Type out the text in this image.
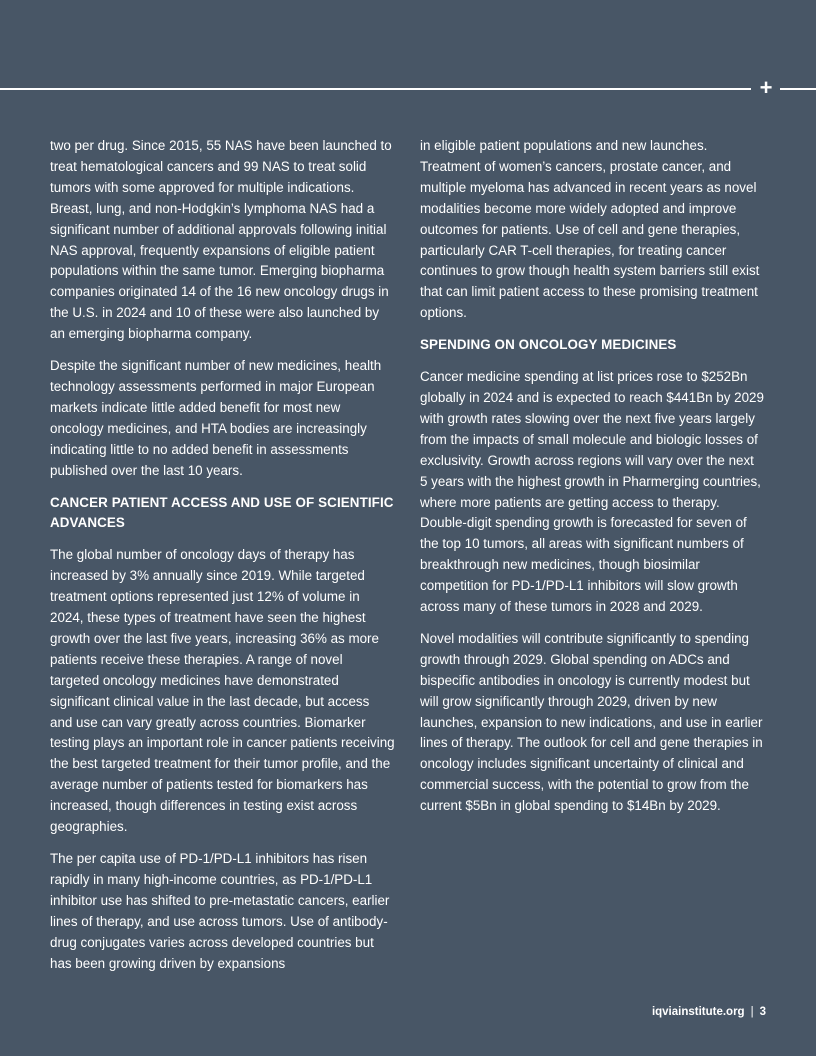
+

two per drug. Since 2015, 55 NAS have been launched to treat hematological cancers and 99 NAS to treat solid tumors with some approved for multiple indications. Breast, lung, and non-Hodgkin’s lymphoma NAS had a significant number of additional approvals following initial NAS approval, frequently expansions of eligible patient populations within the same tumor. Emerging biopharma companies originated 14 of the 16 new oncology drugs in the U.S. in 2024 and 10 of these were also launched by an emerging biopharma company.

Despite the significant number of new medicines, health technology assessments performed in major European markets indicate little added benefit for most new oncology medicines, and HTA bodies are increasingly indicating little to no added benefit in assessments published over the last 10 years.

CANCER PATIENT ACCESS AND USE OF SCIENTIFIC ADVANCES

The global number of oncology days of therapy has increased by 3% annually since 2019. While targeted treatment options represented just 12% of volume in 2024, these types of treatment have seen the highest growth over the last five years, increasing 36% as more patients receive these therapies. A range of novel targeted oncology medicines have demonstrated significant clinical value in the last decade, but access and use can vary greatly across countries. Biomarker testing plays an important role in cancer patients receiving the best targeted treatment for their tumor profile, and the average number of patients tested for biomarkers has increased, though differences in testing exist across geographies.

The per capita use of PD-1/PD-L1 inhibitors has risen rapidly in many high-income countries, as PD-1/PD-L1 inhibitor use has shifted to pre-metastatic cancers, earlier lines of therapy, and use across tumors. Use of antibody-drug conjugates varies across developed countries but has been growing driven by expansions

in eligible patient populations and new launches. Treatment of women’s cancers, prostate cancer, and multiple myeloma has advanced in recent years as novel modalities become more widely adopted and improve outcomes for patients. Use of cell and gene therapies, particularly CAR T-cell therapies, for treating cancer continues to grow though health system barriers still exist that can limit patient access to these promising treatment options.

SPENDING ON ONCOLOGY MEDICINES

Cancer medicine spending at list prices rose to $252Bn globally in 2024 and is expected to reach $441Bn by 2029 with growth rates slowing over the next five years largely from the impacts of small molecule and biologic losses of exclusivity. Growth across regions will vary over the next 5 years with the highest growth in Pharmerging countries, where more patients are getting access to therapy. Double-digit spending growth is forecasted for seven of the top 10 tumors, all areas with significant numbers of breakthrough new medicines, though biosimilar competition for PD-1/PD-L1 inhibitors will slow growth across many of these tumors in 2028 and 2029.

Novel modalities will contribute significantly to spending growth through 2029. Global spending on ADCs and bispecific antibodies in oncology is currently modest but will grow significantly through 2029, driven by new launches, expansion to new indications, and use in earlier lines of therapy. The outlook for cell and gene therapies in oncology includes significant uncertainty of clinical and commercial success, with the potential to grow from the current $5Bn in global spending to $14Bn by 2029.

iqviainstitute.org | 3
